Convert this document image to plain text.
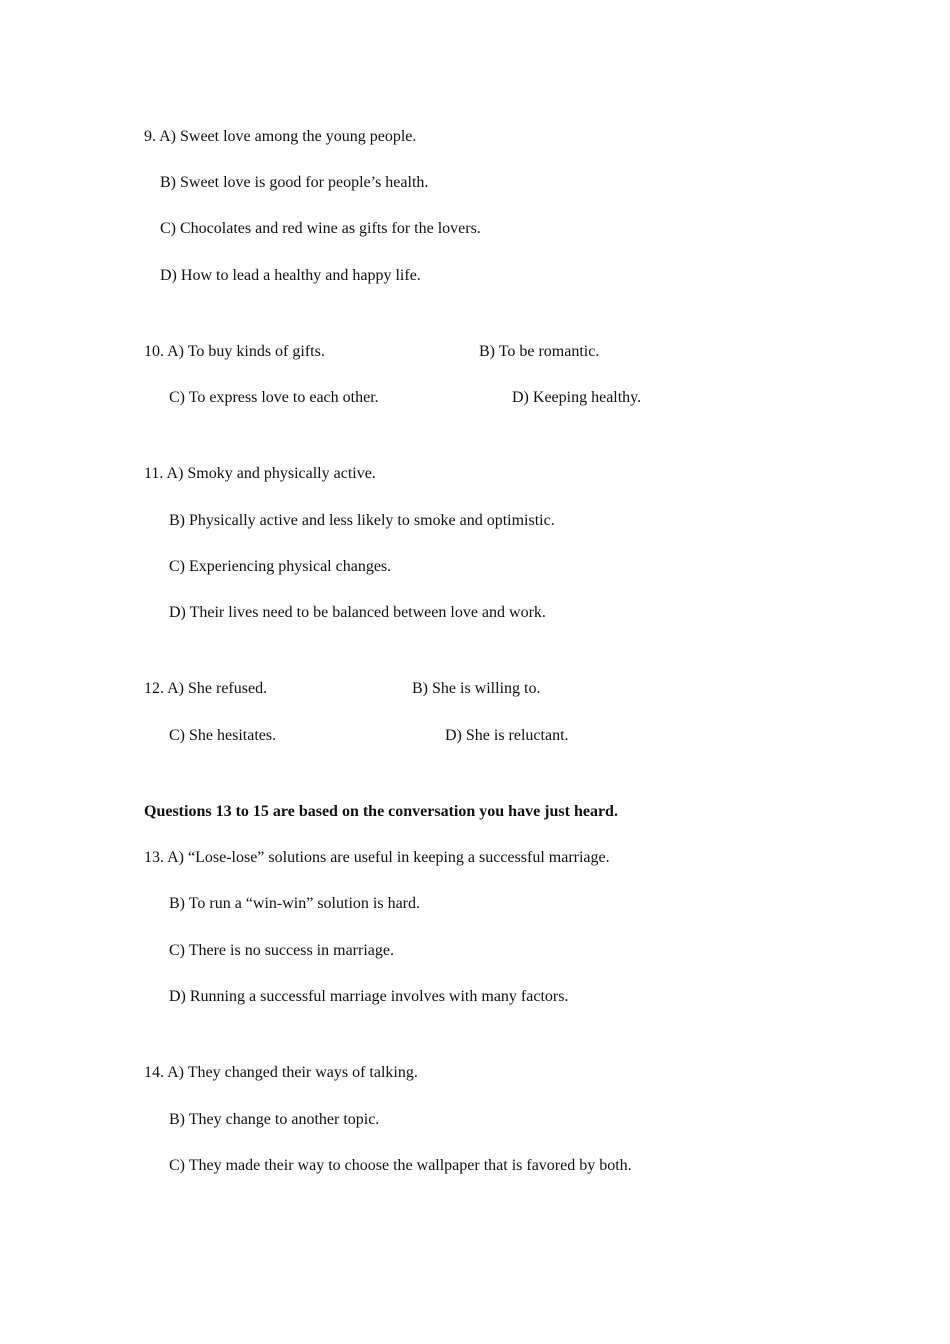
9. A) Sweet love among the young people.
B) Sweet love is good for people’s health.
C) Chocolates and red wine as gifts for the lovers.
D) How to lead a healthy and happy life.
10. A) To buy kinds of gifts.	B) To be romantic.
C) To express love to each other.	D) Keeping healthy.
11. A) Smoky and physically active.
B) Physically active and less likely to smoke and optimistic.
C) Experiencing physical changes.
D) Their lives need to be balanced between love and work.
12. A) She refused.	B) She is willing to.
C) She hesitates.	D) She is reluctant.
Questions 13 to 15 are based on the conversation you have just heard.
13. A) “Lose-lose” solutions are useful in keeping a successful marriage.
B) To run a “win-win” solution is hard.
C) There is no success in marriage.
D) Running a successful marriage involves with many factors.
14. A) They changed their ways of talking.
B) They change to another topic.
C) They made their way to choose the wallpaper that is favored by both.
